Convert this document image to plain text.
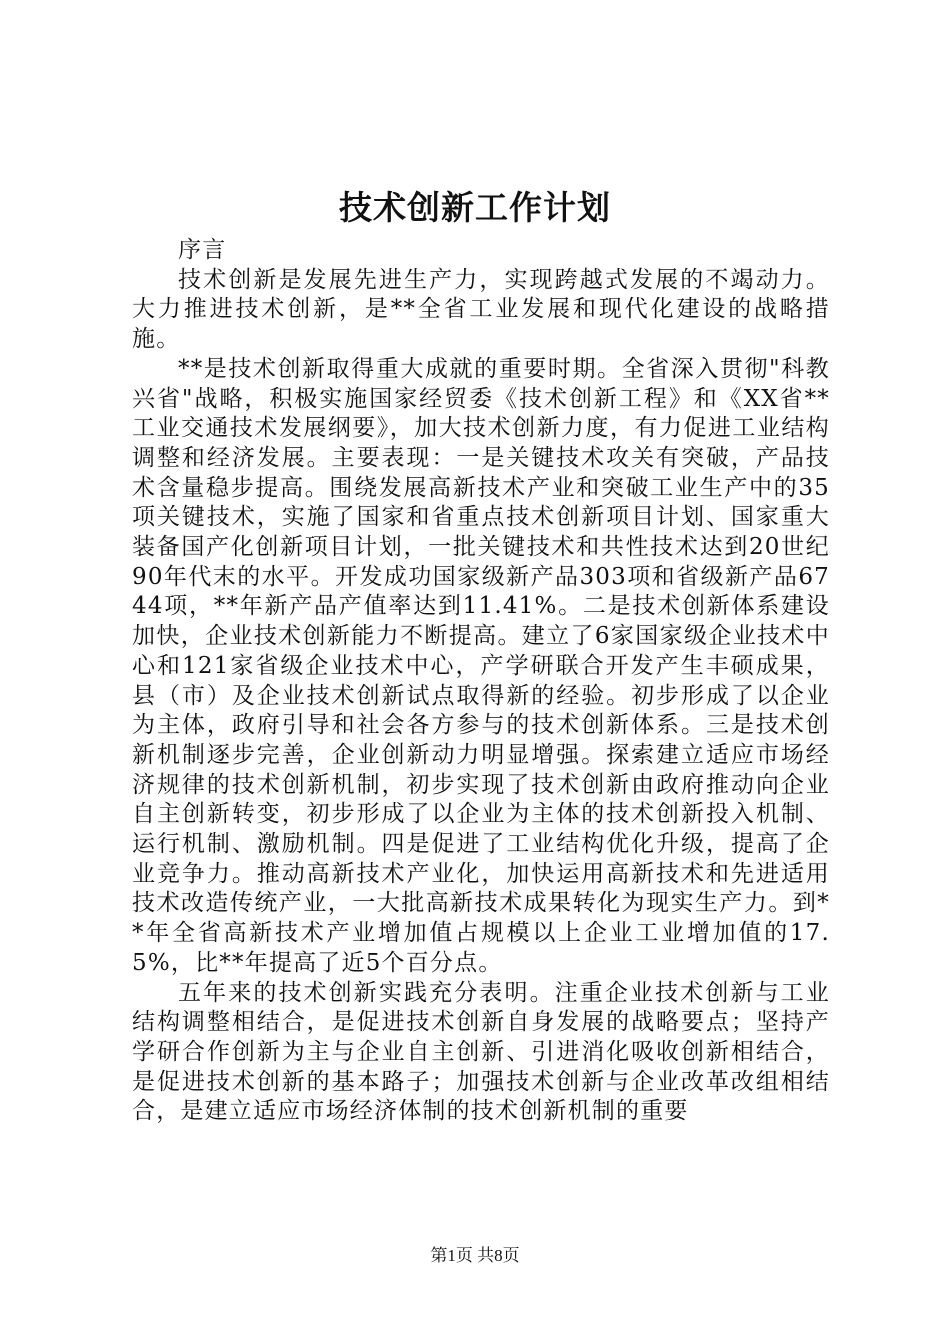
技术创新工作计划

序言

技术创新是发展先进生产力，实现跨越式发展的不竭动力。大力推进技术创新，是**全省工业发展和现代化建设的战略措施。

**是技术创新取得重大成就的重要时期。全省深入贯彻"科教兴省"战略，积极实施国家经贸委《技术创新工程》和《XX省**工业交通技术发展纲要》，加大技术创新力度，有力促进工业结构调整和经济发展。主要表现：一是关键技术攻关有突破，产品技术含量稳步提高。围绕发展高新技术产业和突破工业生产中的35项关键技术，实施了国家和省重点技术创新项目计划、国家重大装备国产化创新项目计划，一批关键技术和共性技术达到20世纪90年代末的水平。开发成功国家级新产品303项和省级新产品6744项，**年新产品产值率达到11.41%。二是技术创新体系建设加快，企业技术创新能力不断提高。建立了6家国家级企业技术中心和121家省级企业技术中心，产学研联合开发产生丰硕成果，县（市）及企业技术创新试点取得新的经验。初步形成了以企业为主体，政府引导和社会各方参与的技术创新体系。三是技术创新机制逐步完善，企业创新动力明显增强。探索建立适应市场经济规律的技术创新机制，初步实现了技术创新由政府推动向企业自主创新转变，初步形成了以企业为主体的技术创新投入机制、运行机制、激励机制。四是促进了工业结构优化升级，提高了企业竞争力。推动高新技术产业化，加快运用高新技术和先进适用技术改造传统产业，一大批高新技术成果转化为现实生产力。到**年全省高新技术产业增加值占规模以上企业工业增加值的17.5%，比**年提高了近5个百分点。

五年来的技术创新实践充分表明。注重企业技术创新与工业结构调整相结合，是促进技术创新自身发展的战略要点；坚持产学研合作创新为主与企业自主创新、引进消化吸收创新相结合，是促进技术创新的基本路子；加强技术创新与企业改革改组相结合，是建立适应市场经济体制的技术创新机制的重要

第1页 共8页
